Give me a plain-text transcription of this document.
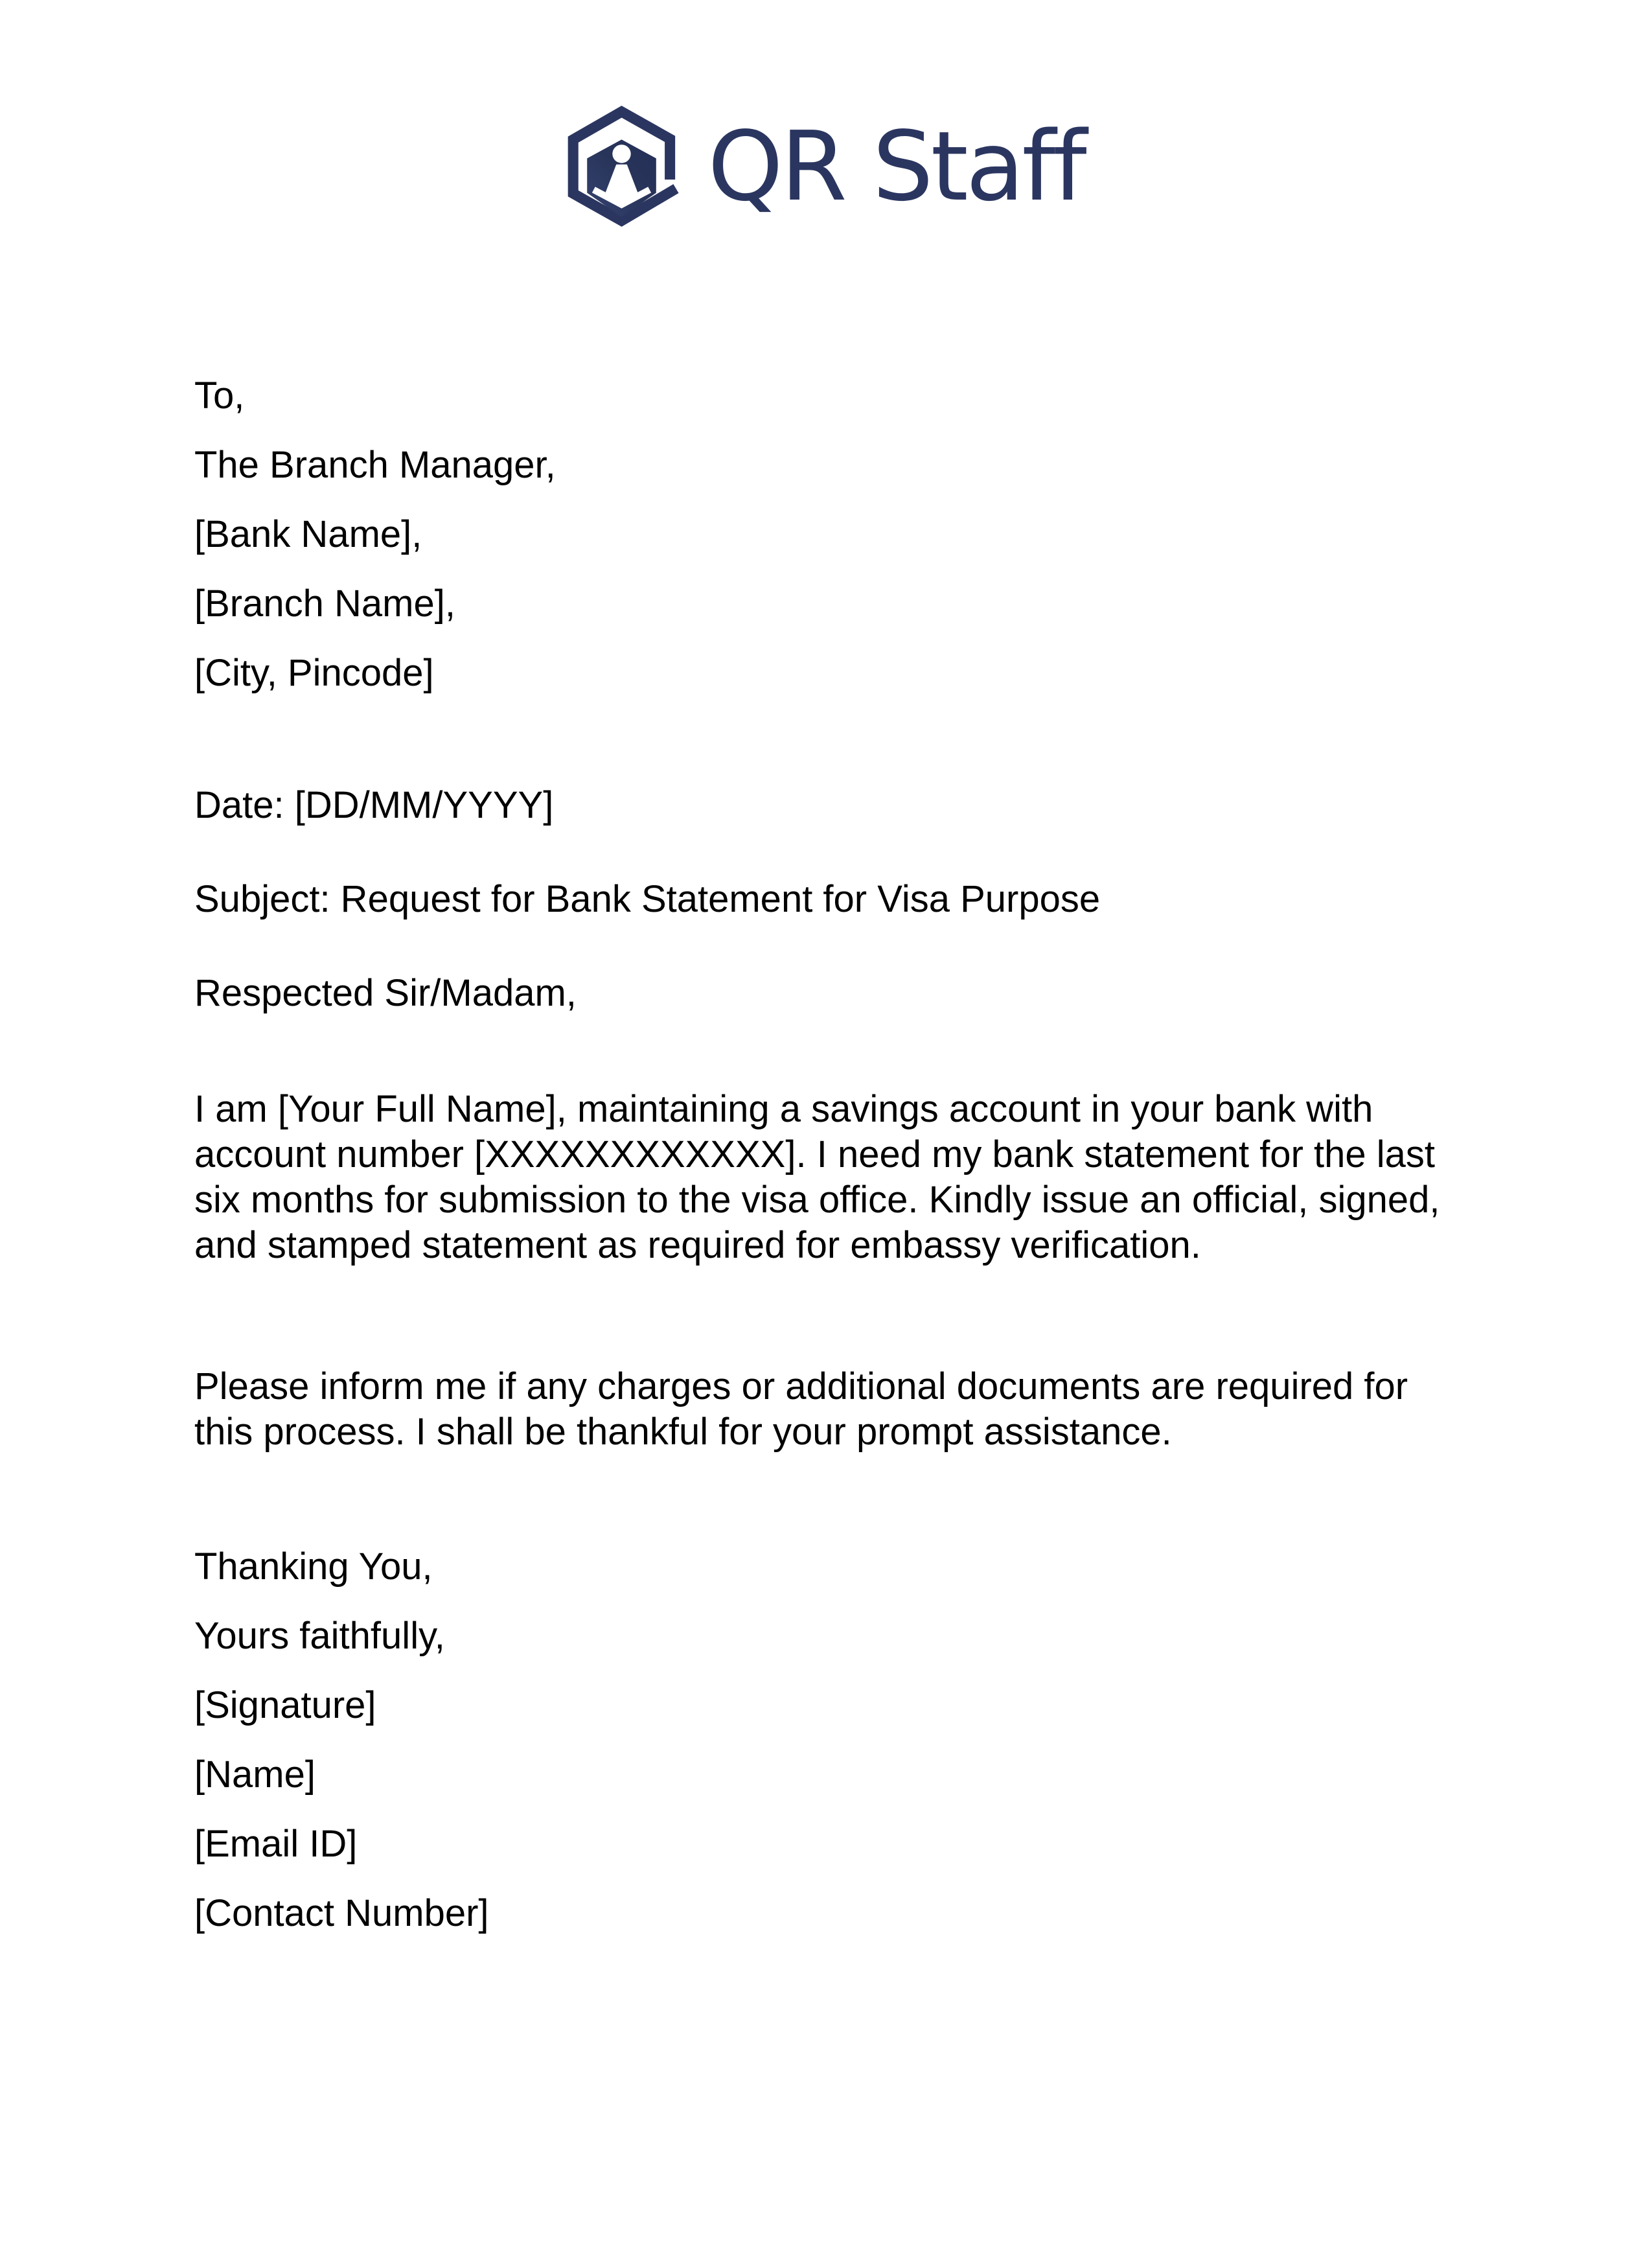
QR Staff
To,
The Branch Manager,
[Bank Name],
[Branch Name],
[City, Pincode]
Date: [DD/MM/YYYY]
Subject: Request for Bank Statement for Visa Purpose
Respected Sir/Madam,
I am [Your Full Name], maintaining a savings account in your bank with
account number [XXXXXXXXXXXX]. I need my bank statement for the last
six months for submission to the visa office. Kindly issue an official, signed,
and stamped statement as required for embassy verification.
Please inform me if any charges or additional documents are required for
this process. I shall be thankful for your prompt assistance.
Thanking You,
Yours faithfully,
[Signature]
[Name]
[Email ID]
[Contact Number]
